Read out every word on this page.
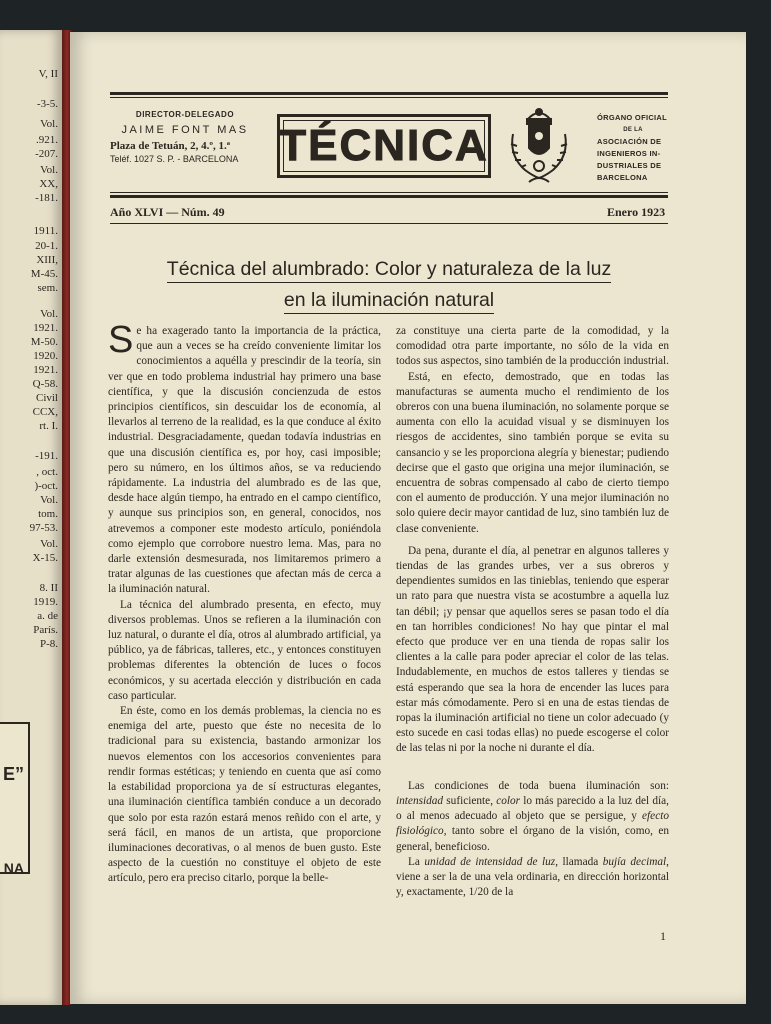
V, II
-3-5.
Vol.
.921.
-207.
Vol.
XX,
-181.
1911.
20-1.
XIII,
M-45.
sem.
Vol.
1921.
M-50.
1920.
1921.
Q-58.
Civil
CCX,
rt. I.
-191.
, oct.
)-oct.
Vol.
tom.
97-53.
Vol.
X-15.
8. II
1919.
a. de
París.
P-8.
E”
NA
DIRECTOR-DELEGADO
JAIME FONT MAS
Plaza de Tetuán, 2, 4.º, 1.ª
Teléf. 1027 S. P. - BARCELONA TÉCNICA
ÓRGANO OFICIAL
DE LA
ASOCIACIÓN DE
INGENIEROS IN-
DUSTRIALES DE
BARCELONA
Año XLVI — Núm. 49	Enero 1923
Técnica del alumbrado: Color y naturaleza de la luz
en la iluminación natural

Se ha exagerado tanto la importancia de la práctica, que aun a veces se ha creído conveniente limitar los conocimientos a aquélla y prescindir de la teoría, sin ver que en todo problema industrial hay primero una base científica, y que la discusión concienzuda de estos principios científicos, sin descuidar los de economía, al llevarlos al terreno de la realidad, es la que conduce al éxito industrial. Desgraciadamente, quedan todavía industrias en que una discusión científica es, por hoy, casi imposible; pero su número, en los últimos años, se va reduciendo rápidamente. La industria del alumbrado es de las que, desde hace algún tiempo, ha entrado en el campo científico, y aunque sus principios son, en general, conocidos, nos atrevemos a componer este modesto artículo, poniéndola como ejemplo que corrobore nuestro lema. Mas, para no darle extensión desmesurada, nos limitaremos primero a tratar algunas de las cuestiones que afectan más de cerca a la iluminación natural.

La técnica del alumbrado presenta, en efecto, muy diversos problemas. Unos se refieren a la iluminación con luz natural, o durante el día, otros al alumbrado artificial, ya público, ya de fábricas, talleres, etc., y entonces constituyen problemas diferentes la obtención de luces o focos económicos, y su acertada elección y distribución en cada caso particular.

En éste, como en los demás problemas, la ciencia no es enemiga del arte, puesto que éste no necesita de lo tradicional para su existencia, bastando armonizar los nuevos elementos con los accesorios convenientes para rendir formas estéticas; y teniendo en cuenta que así como la estabilidad proporciona ya de sí estructuras elegantes, una iluminación científica también conduce a un decorado que solo por esta razón estará menos reñido con el arte, y será fácil, en manos de un artista, que proporcione iluminaciones decorativas, o al menos de buen gusto. Este aspecto de la cuestión no constituye el objeto de este artículo, pero era preciso citarlo, porque la belle-

za constituye una cierta parte de la comodidad, y la comodidad otra parte importante, no sólo de la vida en todos sus aspectos, sino también de la producción industrial.

Está, en efecto, demostrado, que en todas las manufacturas se aumenta mucho el rendimiento de los obreros con una buena iluminación, no solamente porque se aumenta con ello la acuidad visual y se disminuyen los riesgos de accidentes, sino también porque se evita su cansancio y se les proporciona alegría y bienestar; pudiendo decirse que el gasto que origina una mejor iluminación, se encuentra de sobras compensado al cabo de cierto tiempo con el aumento de producción. Y una mejor iluminación no solo quiere decir mayor cantidad de luz, sino también luz de clase conveniente.

Da pena, durante el día, al penetrar en algunos talleres y tiendas de las grandes urbes, ver a sus obreros y dependientes sumidos en las tinieblas, teniendo que esperar un rato para que nuestra vista se acostumbre a aquella luz tan débil; ¡y pensar que aquellos seres se pasan todo el día en tan horribles condiciones! No hay que pintar el mal efecto que produce ver en una tienda de ropas salir los clientes a la calle para poder apreciar el color de las telas. Indudablemente, en muchos de estos talleres y tiendas se está esperando que sea la hora de encender las luces para estar más cómodamente. Pero si en una de estas tiendas de ropas la iluminación artificial no tiene un color adecuado (y esto sucede en casi todas ellas) no puede escogerse el color de las telas ni por la noche ni durante el día.

Las condiciones de toda buena iluminación son: intensidad suficiente, color lo más parecido a la luz del día, o al menos adecuado al objeto que se persigue, y efecto fisiológico, tanto sobre el órgano de la visión, como, en general, beneficioso.

La unidad de intensidad de luz, llamada bujía decimal, viene a ser la de una vela ordinaria, en dirección horizontal y, exactamente, 1/20 de la

1
